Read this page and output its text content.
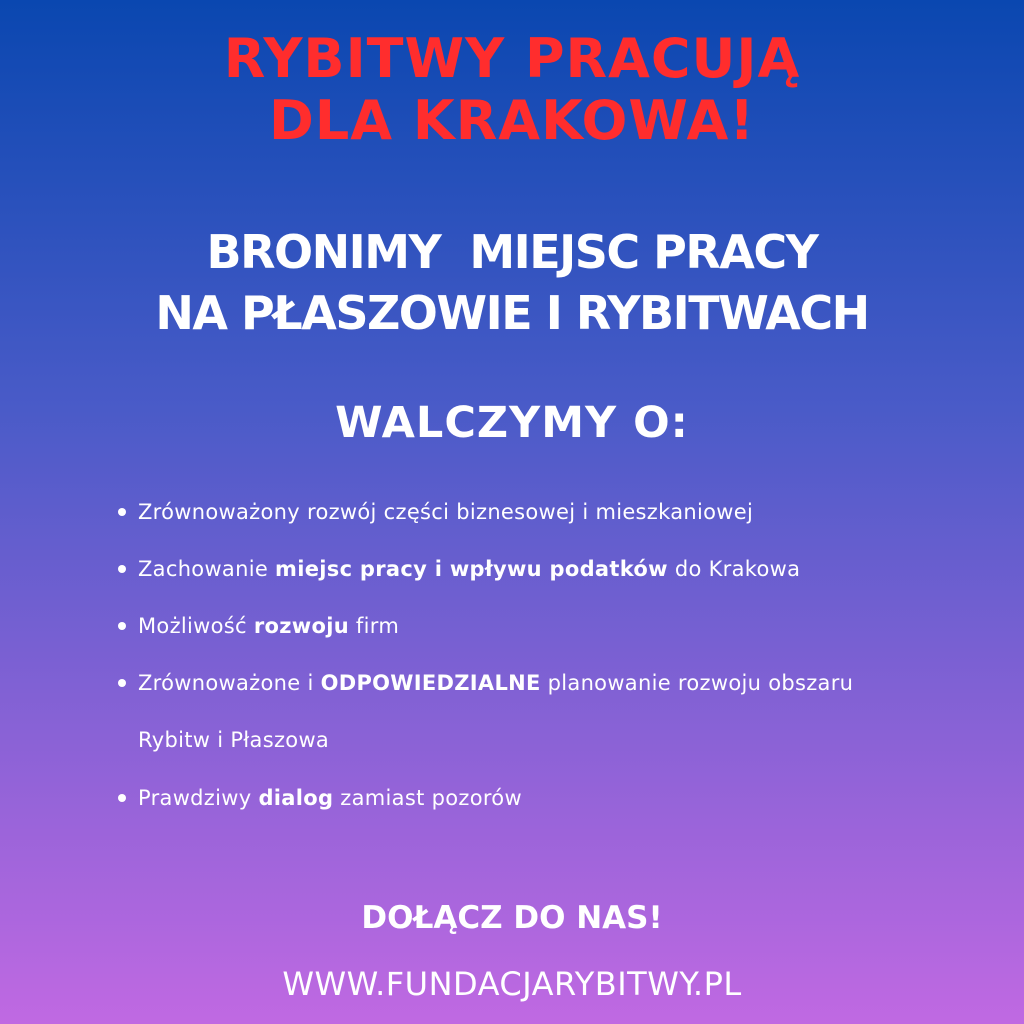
RYBITWY PRACUJĄ
DLA KRAKOWA!
BRONIMY  MIEJSC PRACY
NA PŁASZOWIE I RYBITWACH
WALCZYMY O:
Zrównoważony rozwój części biznesowej i mieszkaniowej
Zachowanie miejsc pracy i wpływu podatków do Krakowa
Możliwość rozwoju firm
Zrównoważone i ODPOWIEDZIALNE planowanie rozwoju obszaru Rybitw i Płaszowa
Prawdziwy dialog zamiast pozorów
DOŁĄCZ DO NAS!
WWW.FUNDACJARYBITWY.PL
